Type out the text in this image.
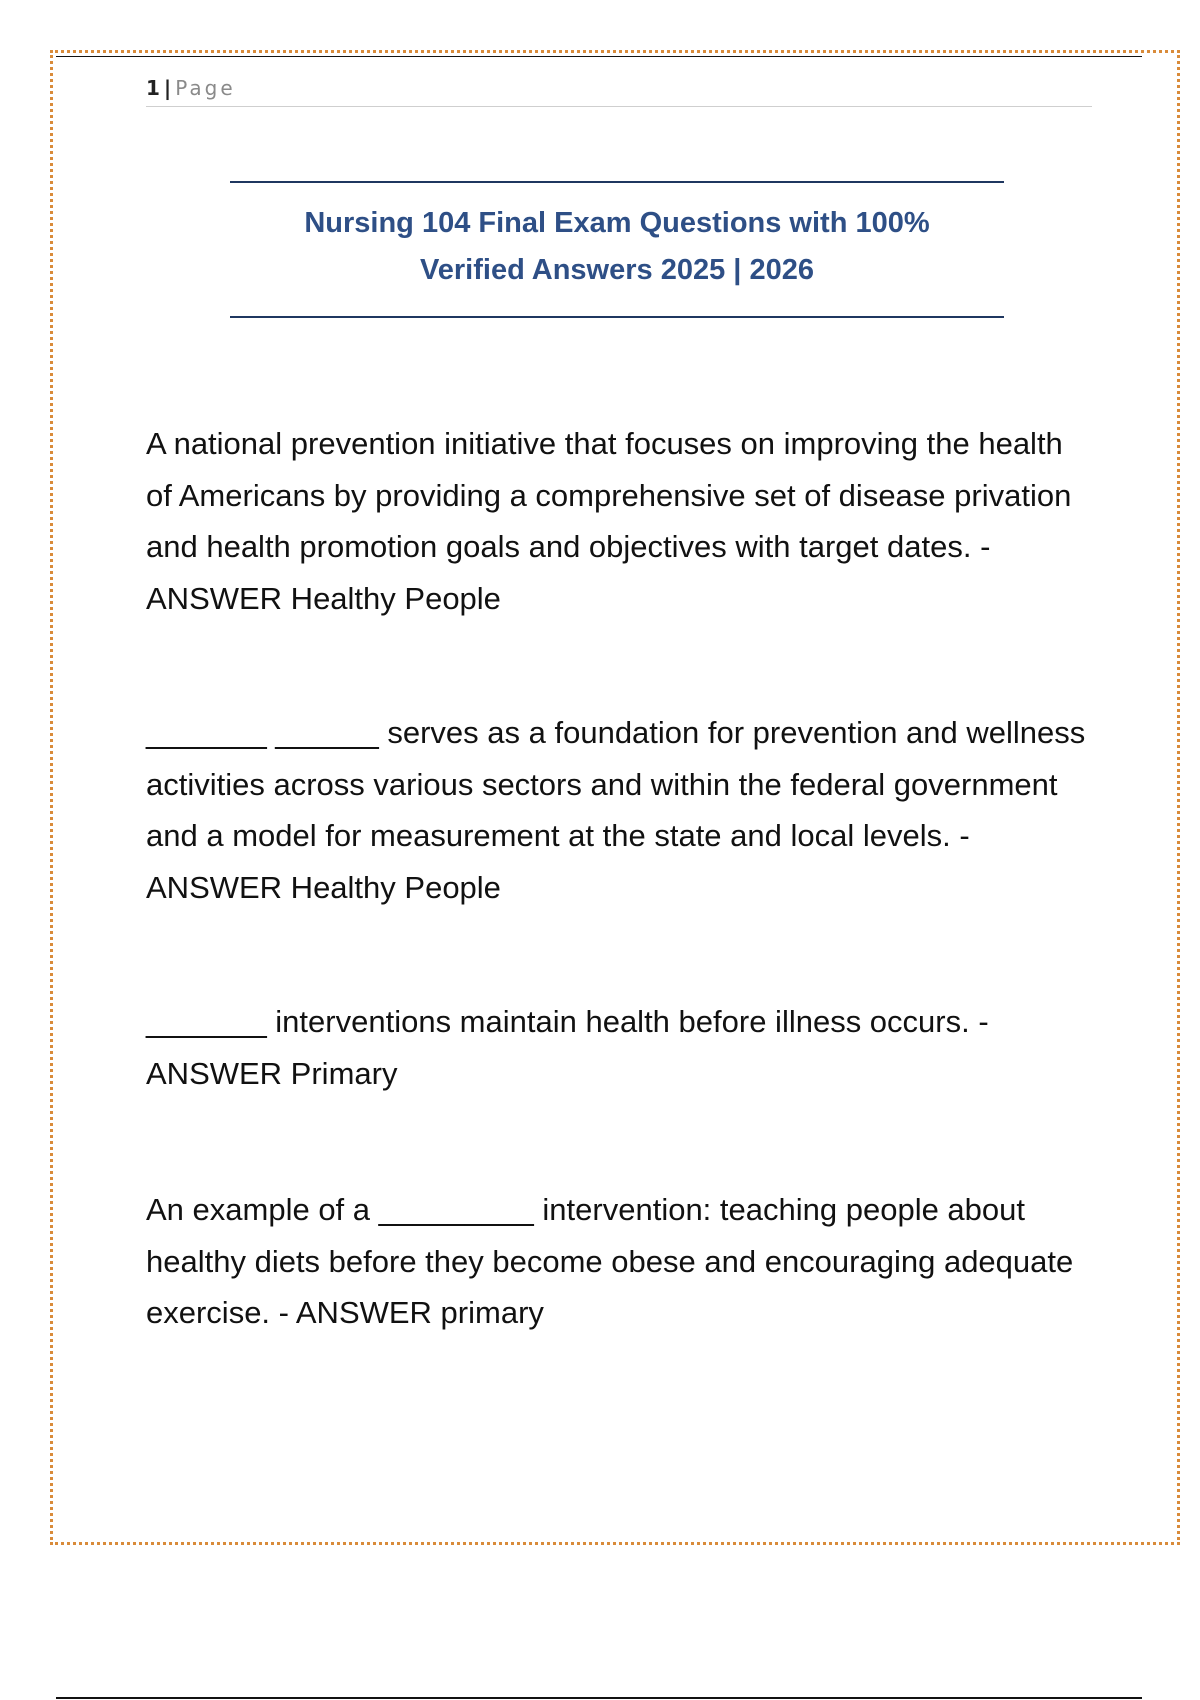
1 | Page
Nursing 104 Final Exam Questions with 100%
Verified Answers 2025 | 2026
A national prevention initiative that focuses on improving the health of Americans by providing a comprehensive set of disease privation and health promotion goals and objectives with target dates. - ANSWER Healthy People
_______ ______ serves as a foundation for prevention and wellness activities across various sectors and within the federal government and a model for measurement at the state and local levels. - ANSWER Healthy People
_______ interventions maintain health before illness occurs. - ANSWER Primary
An example of a _________ intervention: teaching people about healthy diets before they become obese and encouraging adequate exercise. - ANSWER primary
